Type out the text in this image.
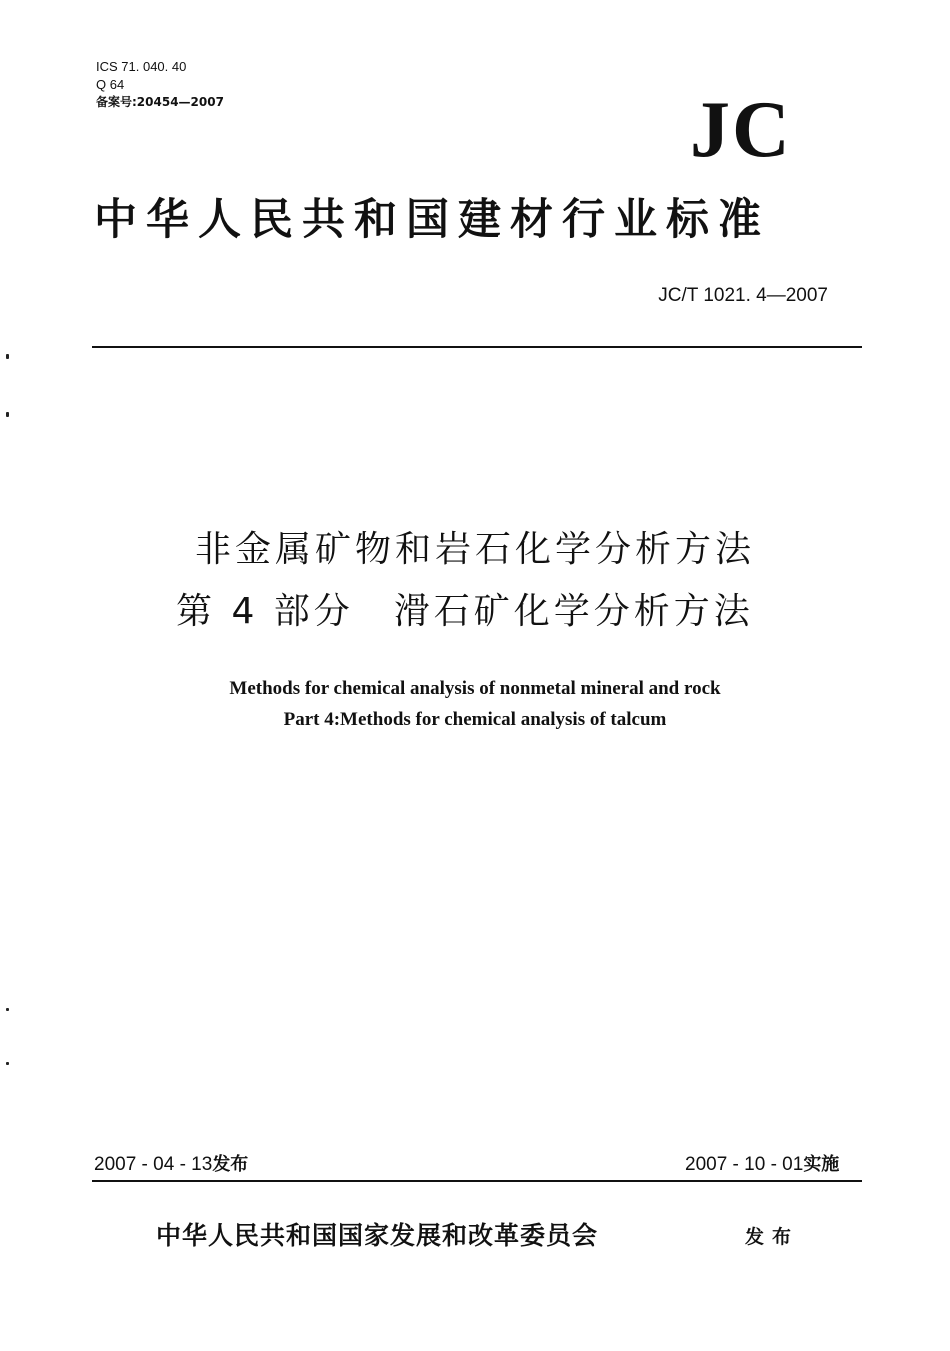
ICS 71. 040. 40
Q 64
备案号:20454—2007	JC
中华人民共和国建材行业标准
JC/T 1021. 4—2007
非金属矿物和岩石化学分析方法
第 4 部分 滑石矿化学分析方法
Methods for chemical analysis of nonmetal mineral and rock
Part 4:Methods for chemical analysis of talcum
2007 - 04 - 13发布	2007 - 10 - 01实施
中华人民共和国国家发展和改革委员会	发布
